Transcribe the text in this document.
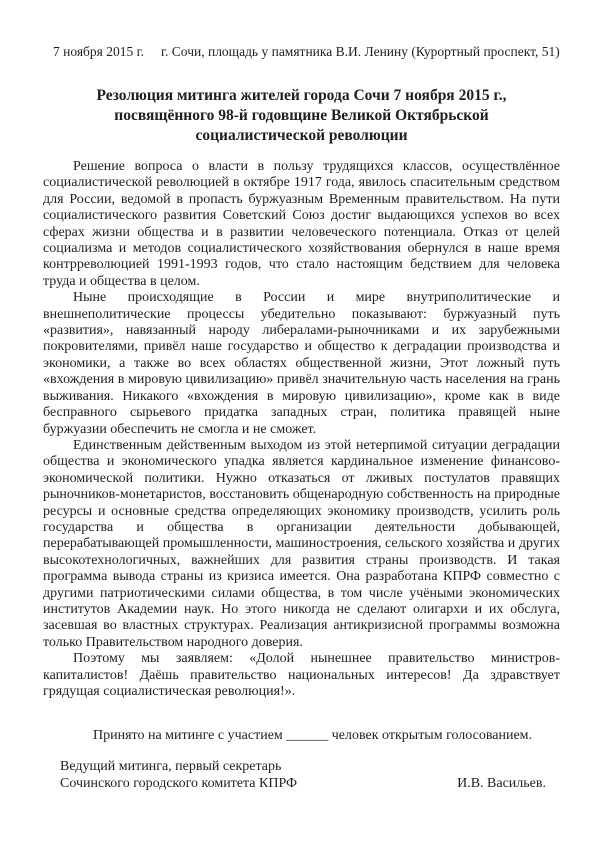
7 ноября 2015 г. г. Сочи, площадь у памятника В.И. Ленину (Курортный проспект, 51)
Резолюция митинга жителей города Сочи 7 ноября 2015 г.,
посвящённого 98-й годовщине Великой Октябрьской
социалистической революции

Решение вопроса о власти в пользу трудящихся классов, осуществлённое социалистической революцией в октябре 1917 года, явилось спасительным средством для России, ведомой в пропасть буржуазным Временным правительством. На пути социалистического развития Советский Союз достиг выдающихся успехов во всех сферах жизни общества и в развитии человеческого потенциала. Отказ от целей социализма и методов социалистического хозяйствования обернулся в наше время контрреволюцией 1991-1993 годов, что стало настоящим бедствием для человека труда и общества в целом.

Ныне происходящие в России и мире внутриполитические и внешнеполитические процессы убедительно показывают: буржуазный путь «развития», навязанный народу либералами-рыночниками и их зарубежными покровителями, привёл наше государство и общество к деградации производства и экономики, а также во всех областях общественной жизни, Этот ложный путь «вхождения в мировую цивилизацию» привёл значительную часть населения на грань выживания. Никакого «вхождения в мировую цивилизацию», кроме как в виде бесправного сырьевого придатка западных стран, политика правящей ныне буржуазии обеспечить не смогла и не сможет.

Единственным действенным выходом из этой нетерпимой ситуации деградации общества и экономического упадка является кардинальное изменение финансово-экономической политики. Нужно отказаться от лживых постулатов правящих рыночников-монетаристов, восстановить общенародную собственность на природные ресурсы и основные средства определяющих экономику производств, усилить роль государства и общества в организации деятельности добывающей, перерабатывающей промышленности, машиностроения, сельского хозяйства и других высокотехнологичных, важнейших для развития страны производств. И такая программа вывода страны из кризиса имеется. Она разработана КПРФ совместно с другими патриотическими силами общества, в том числе учёными экономических институтов Академии наук. Но этого никогда не сделают олигархи и их обслуга, засевшая во властных структурах. Реализация антикризисной программы возможна только Правительством народного доверия.

Поэтому мы заявляем: «Долой нынешнее правительство министров-капиталистов! Даёшь правительство национальных интересов! Да здравствует грядущая социалистическая революция!».

Принято на митинге с участием ______ человек открытым голосованием.

Ведущий митинга, первый секретарь
Сочинского городского комитета КПРФ	И.В. Васильев.
